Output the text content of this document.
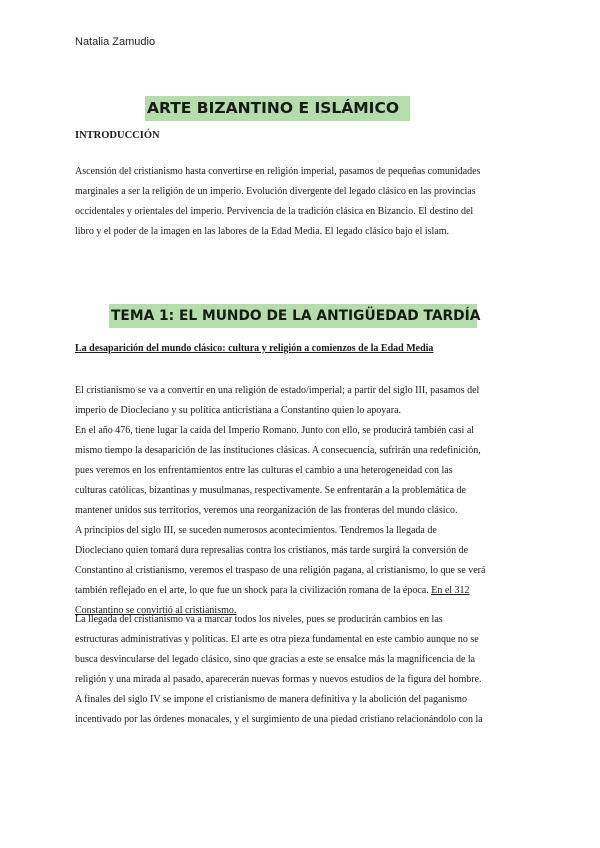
Natalia Zamudio
ARTE BIZANTINO E ISLÁMICO
INTRODUCCIÓN
Ascensión del cristianismo hasta convertirse en religión imperial, pasamos de pequeñas comunidades
marginales a ser la religión de un imperio. Evolución divergente del legado clásico en las provincias
occidentales y orientales del imperio. Pervivencia de la tradición clásica en Bizancio. El destino del
libro y el poder de la imagen en las labores de la Edad Media. El legado clásico bajo el islam.
TEMA 1: EL MUNDO DE LA ANTIGÜEDAD TARDÍA
La desaparición del mundo clásico: cultura y religión a comienzos de la Edad Media
El cristianismo se va a convertir en una religión de estado/imperial; a partir del siglo III, pasamos del
imperio de Diocleciano y su política anticristiana a Constantino quien lo apoyara.
En el año 476, tiene lugar la caída del Imperio Romano. Junto con ello, se producirá también casi al
mismo tiempo la desaparición de las instituciones clásicas. A consecuencia, sufrirán una redefinición,
pues veremos en los enfrentamientos entre las culturas el cambio a una heterogeneidad con las
culturas católicas, bizantinas y musulmanas, respectivamente. Se enfrentarán a la problemática de
mantener unidos sus territorios, veremos una reorganización de las fronteras del mundo clásico.
A principios del siglo III, se suceden numerosos acontecimientos. Tendremos la llegada de
Diocleciano quien tomará dura represalias contra los cristianos, más tarde surgirá la conversión de
Constantino al cristianismo, veremos el traspaso de una religión pagana, al cristianismo, lo que se verá
también reflejado en el arte, lo que fue un shock para la civilización romana de la época. En el 312
Constantino se convirtió al cristianismo.
La llegada del cristianismo va a marcar todos los niveles, pues se producirán cambios en las
estructuras administrativas y políticas. El arte es otra pieza fundamental en este cambio aunque no se
busca desvincularse del legado clásico, sino que gracias a este se ensalce más la magnificencia de la
religión y una mirada al pasado, aparecerán nuevas formas y nuevos estudios de la figura del hombre.
A finales del siglo IV se impone el cristianismo de manera definitiva y la abolición del paganismo
incentivado por las órdenes monacales, y el surgimiento de una piedad cristiano relacionándolo con la
